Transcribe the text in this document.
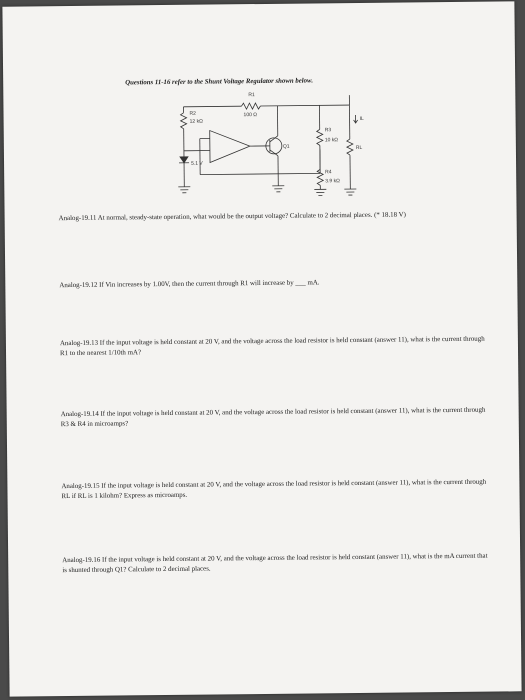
Questions 11-16 refer to the Shunt Voltage Regulator shown below.
R1
100 Ω
R2
12 kΩ
R3
10 kΩ
R4
3.9 kΩ
RL
IL
Q1
5.1 V
Analog-19.11 At normal, steady-state operation, what would be the output voltage? Calculate to 2 decimal places. (* 18.18 V)
Analog-19.12 If Vin increases by 1.00V, then the current through R1 will increase by ___ mA.
Analog-19.13 If the input voltage is held constant at 20 V, and the voltage across the load resistor is held constant (answer 11), what is the current through R1 to the nearest 1/10th mA?
Analog-19.14 If the input voltage is held constant at 20 V, and the voltage across the load resistor is held constant (answer 11), what is the current through R3 & R4 in microamps?
Analog-19.15 If the input voltage is held constant at 20 V, and the voltage across the load resistor is held constant (answer 11), what is the current through RL if RL is 1 kilohm? Express as microamps.
Analog-19.16 If the input voltage is held constant at 20 V, and the voltage across the load resistor is held constant (answer 11), what is the mA current that is shunted through Q1? Calculate to 2 decimal places.
